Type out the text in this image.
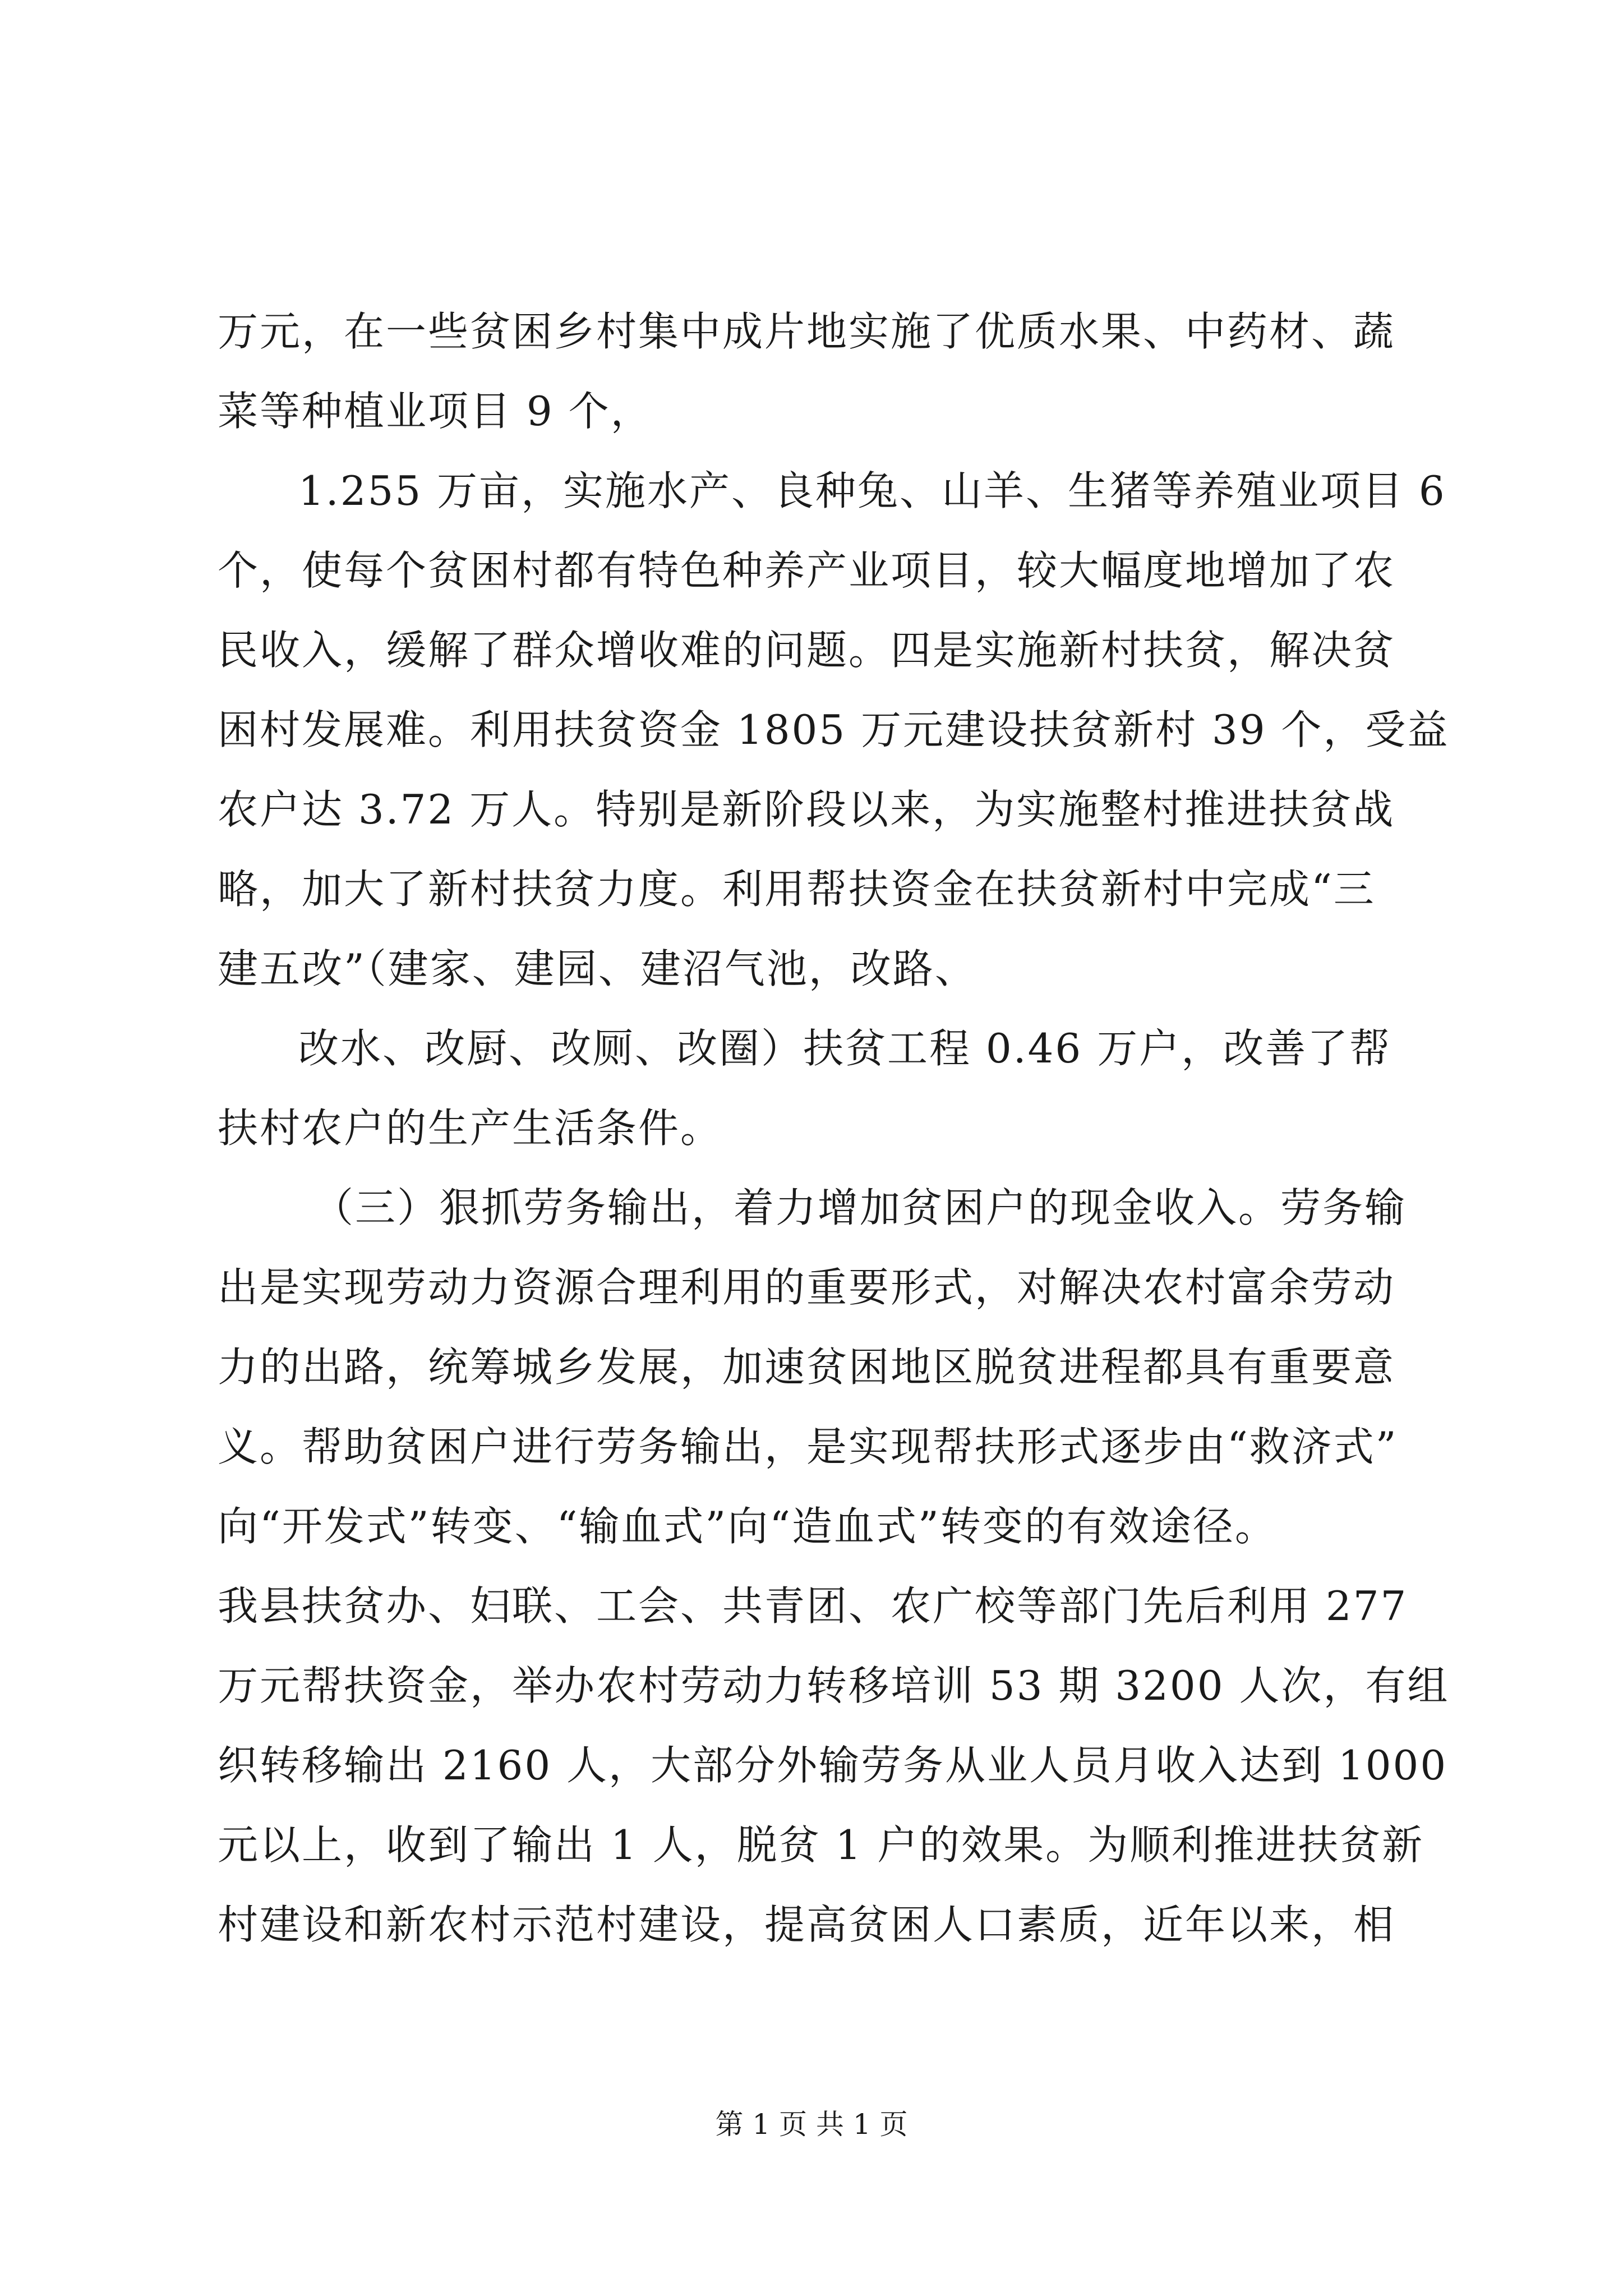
万元，在一些贫困乡村集中成片地实施了优质水果、中药材、蔬
菜等种植业项目 9 个，
1.255 万亩，实施水产、良种兔、山羊、生猪等养殖业项目 6
个，使每个贫困村都有特色种养产业项目，较大幅度地增加了农
民收入，缓解了群众增收难的问题。四是实施新村扶贫，解决贫
困村发展难。利用扶贫资金 1805 万元建设扶贫新村 39 个，受益
农户达 3.72 万人。特别是新阶段以来，为实施整村推进扶贫战
略，加大了新村扶贫力度。利用帮扶资金在扶贫新村中完成“三
建五改”（建家、建园、建沼气池，改路、
改水、改厨、改厕、改圈）扶贫工程 0.46 万户，改善了帮
扶村农户的生产生活条件。
（三）狠抓劳务输出，着力增加贫困户的现金收入。劳务输
出是实现劳动力资源合理利用的重要形式，对解决农村富余劳动
力的出路，统筹城乡发展，加速贫困地区脱贫进程都具有重要意
义。帮助贫困户进行劳务输出，是实现帮扶形式逐步由“救济式”
向“开发式”转变、“输血式”向“造血式”转变的有效途径。
我县扶贫办、妇联、工会、共青团、农广校等部门先后利用 277
万元帮扶资金，举办农村劳动力转移培训 53 期 3200 人次，有组
织转移输出 2160 人，大部分外输劳务从业人员月收入达到 1000
元以上，收到了输出 1 人，脱贫 1 户的效果。为顺利推进扶贫新
村建设和新农村示范村建设，提高贫困人口素质，近年以来，相
第 1 页 共 1 页
